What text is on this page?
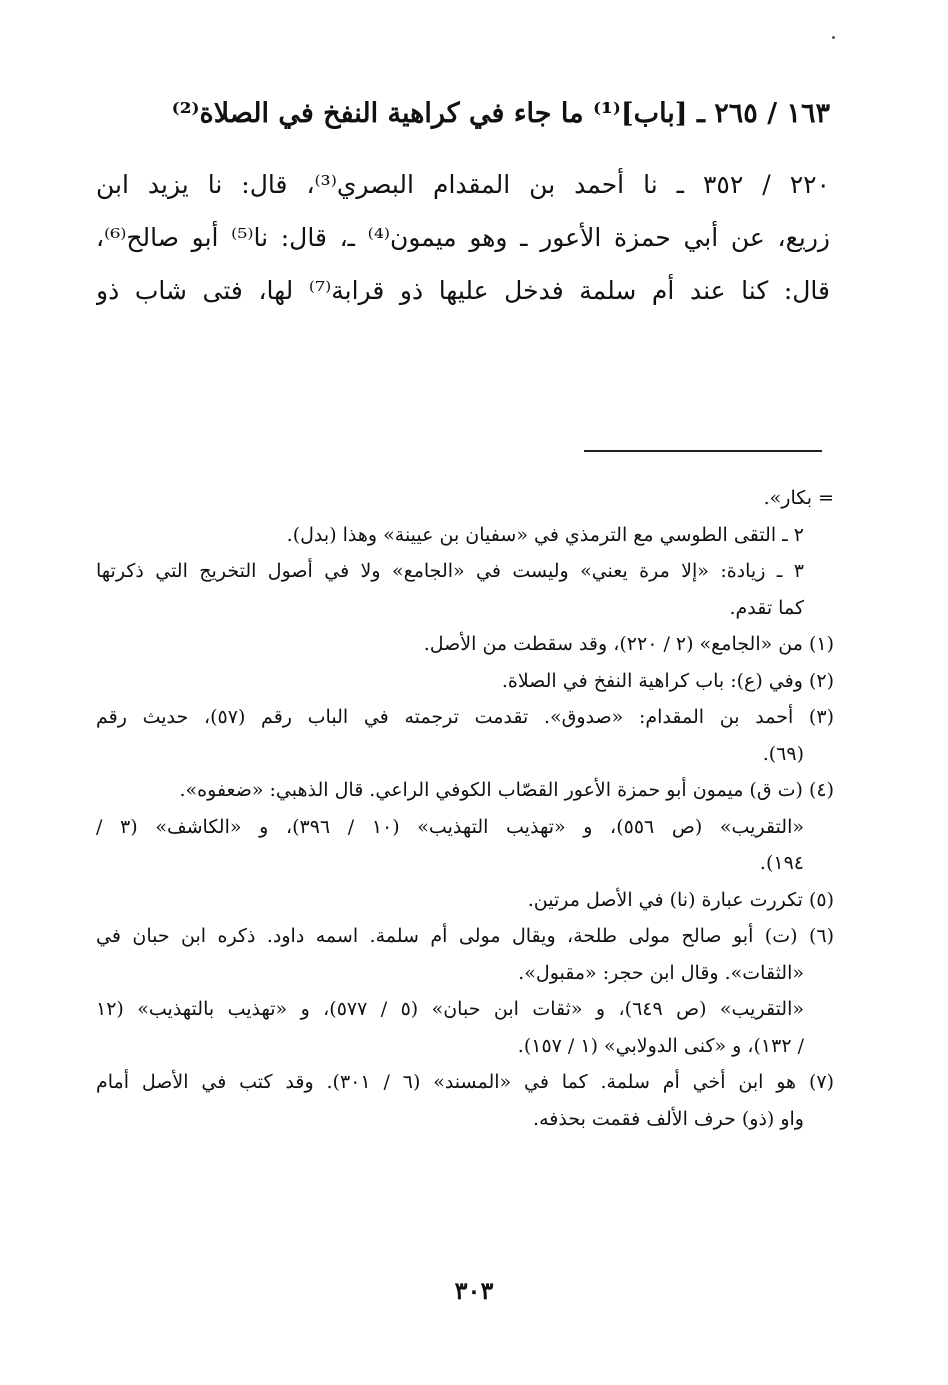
١٦٣ / ٢٦٥ ـ [باب]⁽¹⁾ ما جاء في كراهية النفخ في الصلاة⁽²⁾
٢٢٠ / ٣٥٢ ـ نا أحمد بن المقدام البصري⁽³⁾، قال: نا يزيد ابن
زريع، عن أبي حمزة الأعور ـ وهو ميمون⁽⁴⁾ ـ، قال: نا⁽⁵⁾ أبو صالح⁽⁶⁾،
قال: كنا عند أم سلمة فدخل عليها ذو قرابة⁽⁷⁾ لها، فتى شاب ذو
= بكار».
٢ ـ التقى الطوسي مع الترمذي في «سفيان بن عيينة» وهذا (بدل).
٣ ـ زيادة: «إلا مرة يعني» وليست في «الجامع» ولا في أصول التخريج التي ذكرتها
كما تقدم.
(١) من «الجامع» (٢ / ٢٢٠)، وقد سقطت من الأصل.
(٢) وفي (ع): باب كراهية النفخ في الصلاة.
(٣) أحمد بن المقدام: «صدوق». تقدمت ترجمته في الباب رقم (٥٧)، حديث رقم
(٦٩).
(٤) (ت ق) ميمون أبو حمزة الأعور القصّاب الكوفي الراعي. قال الذهبي: «ضعفوه».
«التقريب» (ص ٥٥٦)، و «تهذيب التهذيب» (١٠ / ٣٩٦)، و «الكاشف» (٣ /
١٩٤).
(٥) تكررت عبارة (نا) في الأصل مرتين.
(٦) (ت) أبو صالح مولى طلحة، ويقال مولى أم سلمة. اسمه داود. ذكره ابن حبان في
«الثقات». وقال ابن حجر: «مقبول».
«التقريب» (ص ٦٤٩)، و «ثقات ابن حبان» (٥ / ٥٧٧)، و «تهذيب بالتهذيب» (١٢
/ ١٣٢)، و «كنى الدولابي» (١ / ١٥٧).
(٧) هو ابن أخي أم سلمة. كما في «المسند» (٦ / ٣٠١). وقد كتب في الأصل أمام
واو (ذو) حرف الألف فقمت بحذفه.
٣٠٣
